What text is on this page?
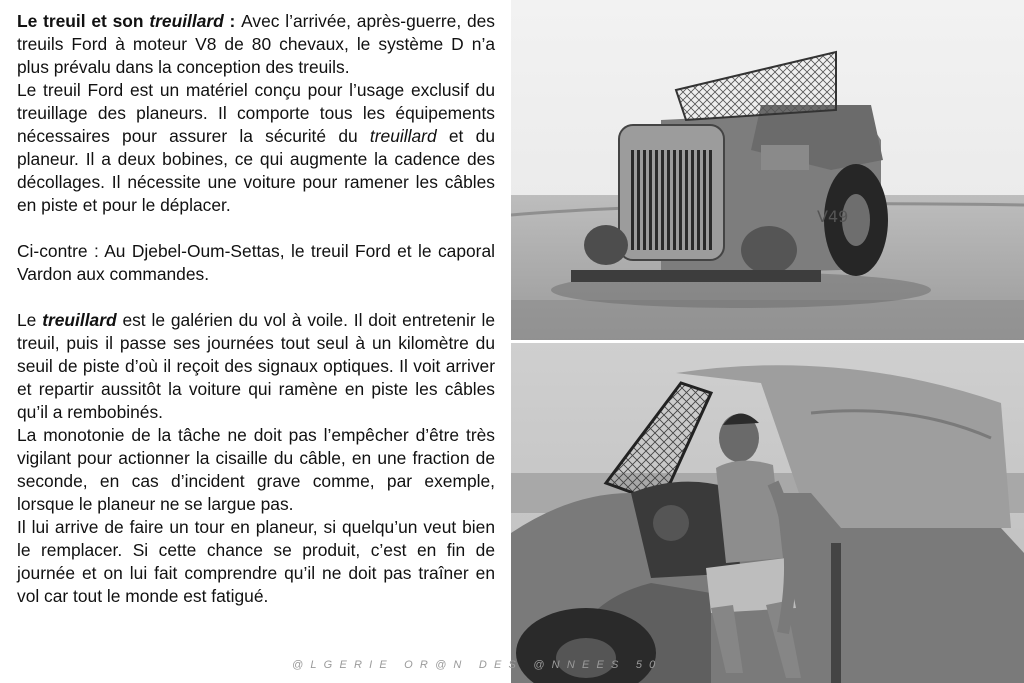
Le treuil et son treuillard : Avec l’arrivée, après-guerre, des treuils Ford à moteur V8 de 80 chevaux, le système D n’a plus prévalu dans la conception des treuils.

Le treuil Ford est un matériel conçu pour l’usage exclusif du treuillage des planeurs. Il comporte tous les équipements nécessaires pour assurer la sécurité du treuillard et du planeur. Il a deux bobines, ce qui augmente la cadence des décollages. Il nécessite une voiture pour ramener les câbles en piste et pour le déplacer.

Ci-contre : Au Djebel-Oum-Settas, le treuil Ford et le caporal Vardon aux commandes.

Le treuillard est le galérien du vol à voile. Il doit entretenir le treuil, puis il passe ses journées tout seul à un kilomètre du seuil de piste d’où il reçoit des signaux optiques. Il voit arriver et repartir aussitôt la voiture qui ramène en piste les câbles qu’il a rembobinés.

La monotonie de la tâche ne doit pas l’empêcher d’être très vigilant pour actionner la cisaille du câble, en une fraction de seconde, en cas d’incident grave comme, par exemple, lorsque le planeur ne se largue pas.

Il lui arrive de faire un tour en planeur, si quelqu’un veut bien le remplacer. Si cette chance se produit, c’est en fin de journée et on lui fait comprendre qu’il ne doit pas traîner en vol car tout le monde est fatigué.

V49
@LGERIE OR@N DES @NNEES 50
